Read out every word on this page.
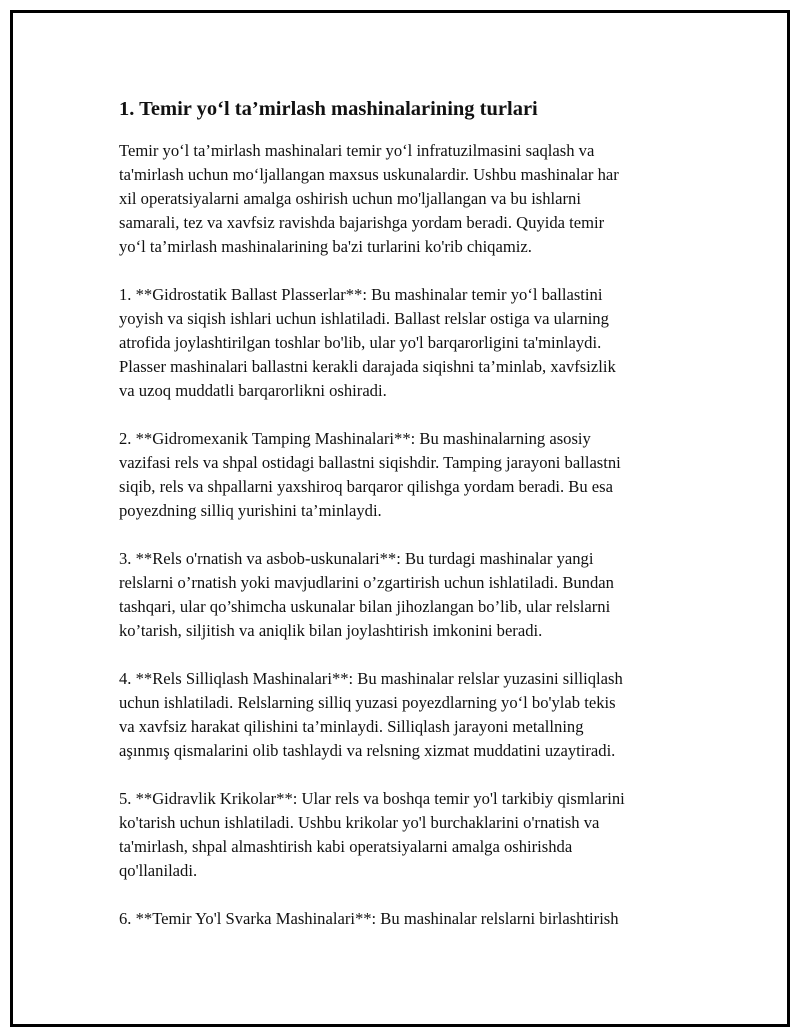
1. Temir yo‘l ta’mirlash mashinalarining turlari
Temir yo‘l ta’mirlash mashinalari temir yo‘l infratuzilmasini saqlash va
ta'mirlash uchun mo‘ljallangan maxsus uskunalardir. Ushbu mashinalar har
xil operatsiyalarni amalga oshirish uchun mo'ljallangan va bu ishlarni
samarali, tez va xavfsiz ravishda bajarishga yordam beradi. Quyida temir
yo‘l ta’mirlash mashinalarining ba'zi turlarini ko'rib chiqamiz.
1. **Gidrostatik Ballast Plasserlar**: Bu mashinalar temir yo‘l ballastini
yoyish va siqish ishlari uchun ishlatiladi. Ballast relslar ostiga va ularning
atrofida joylashtirilgan toshlar bo'lib, ular yo'l barqarorligini ta'minlaydi.
Plasser mashinalari ballastni kerakli darajada siqishni ta’minlab, xavfsizlik
va uzoq muddatli barqarorlikni oshiradi.
2. **Gidromexanik Tamping Mashinalari**: Bu mashinalarning asosiy
vazifasi rels va shpal ostidagi ballastni siqishdir. Tamping jarayoni ballastni
siqib, rels va shpallarni yaxshiroq barqaror qilishga yordam beradi. Bu esa
poyezdning silliq yurishini ta’minlaydi.
3. **Rels o'rnatish va asbob-uskunalari**: Bu turdagi mashinalar yangi
relslarni o’rnatish yoki mavjudlarini o’zgartirish uchun ishlatiladi. Bundan
tashqari, ular qo’shimcha uskunalar bilan jihozlangan bo’lib, ular relslarni
ko’tarish, siljitish va aniqlik bilan joylashtirish imkonini beradi.
4. **Rels Silliqlash Mashinalari**: Bu mashinalar relslar yuzasini silliqlash
uchun ishlatiladi. Relslarning silliq yuzasi poyezdlarning yo‘l bo'ylab tekis
va xavfsiz harakat qilishini ta’minlaydi. Silliqlash jarayoni metallning
aşınmış qismalarini olib tashlaydi va relsning xizmat muddatini uzaytiradi.
5. **Gidravlik Krikolar**: Ular rels va boshqa temir yo'l tarkibiy qismlarini
ko'tarish uchun ishlatiladi. Ushbu krikolar yo'l burchaklarini o'rnatish va
ta'mirlash, shpal almashtirish kabi operatsiyalarni amalga oshirishda
qo'llaniladi.
6. **Temir Yo'l Svarka Mashinalari**: Bu mashinalar relslarni birlashtirish
